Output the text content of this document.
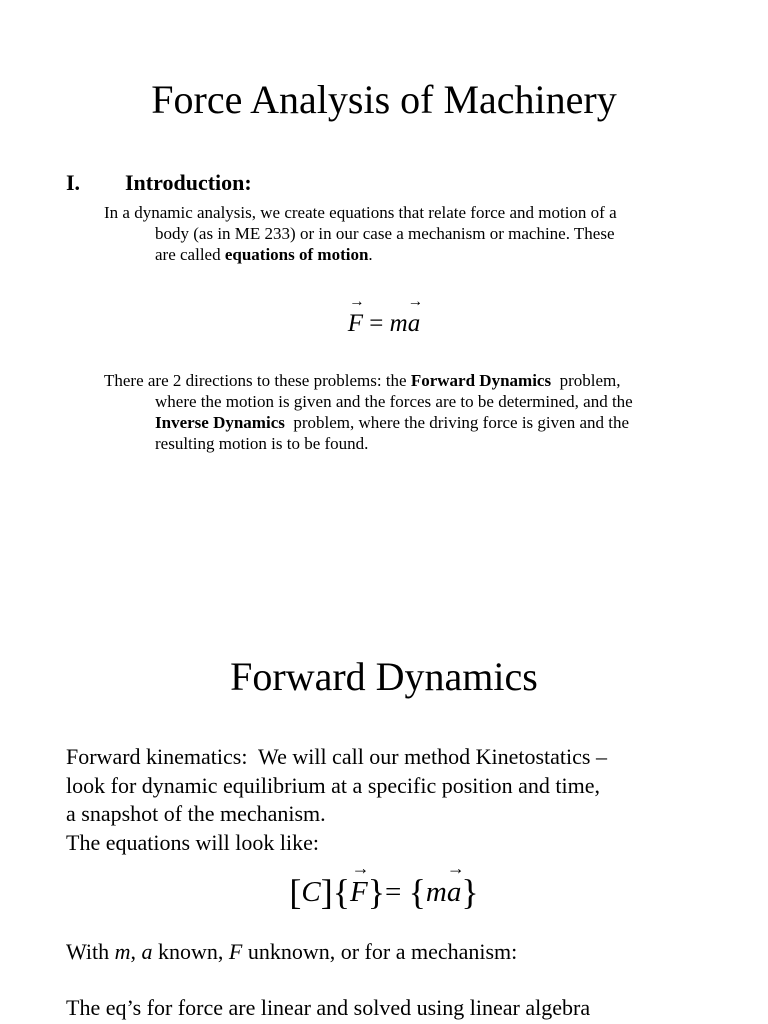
Force Analysis of Machinery
I. Introduction:
In a dynamic analysis, we create equations that relate force and motion of a
body (as in ME 233) or in our case a mechanism or machine. These
are called equations of motion.
→
F = m
→
a
There are 2 directions to these problems: the Forward Dynamics  problem,
where the motion is given and the forces are to be determined, and the
Inverse Dynamics  problem, where the driving force is given and the
resulting motion is to be found.
Forward Dynamics
Forward kinematics:  We will call our method Kinetostatics –
look for dynamic equilibrium at a specific position and time,
a snapshot of the mechanism.
The equations will look like:
[C]{
→
F}= {m
→
a}
With m, a known, F unknown, or for a mechanism:
The eq’s for force are linear and solved using linear algebra
